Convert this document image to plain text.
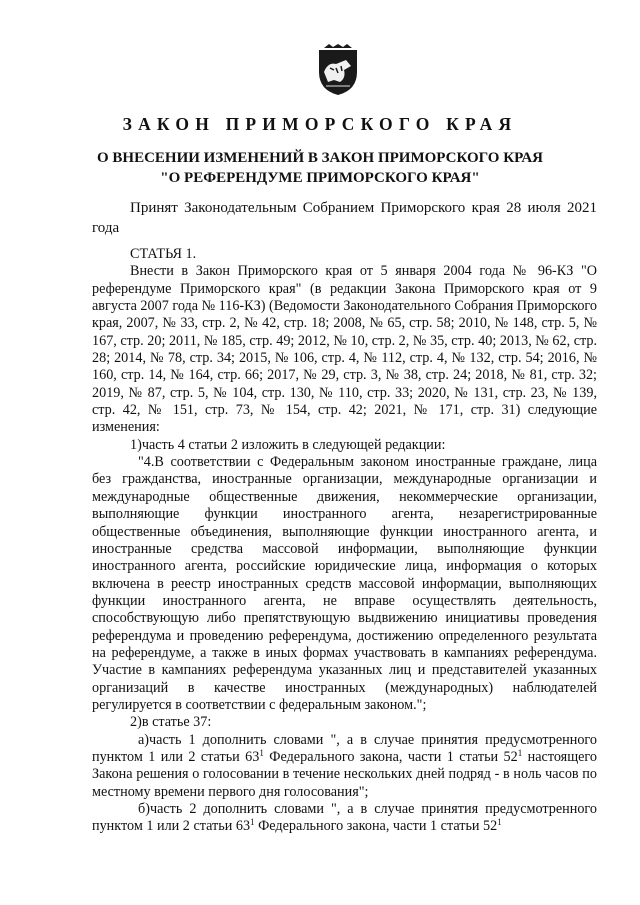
ЗАКОН ПРИМОРСКОГО КРАЯ
О ВНЕСЕНИИ ИЗМЕНЕНИЙ В ЗАКОН ПРИМОРСКОГО КРАЯ
"О РЕФЕРЕНДУМЕ ПРИМОРСКОГО КРАЯ"
Принят Законодательным Собранием Приморского края 28 июля 2021 года

СТАТЬЯ 1.

Внести в Закон Приморского края от 5 января 2004 года № 96-КЗ "О референдуме Приморского края" (в редакции Закона Приморского края от 9 августа 2007 года № 116-КЗ) (Ведомости Законодательного Собрания Приморского края, 2007, № 33, стр. 2, № 42, стр. 18; 2008, № 65, стр. 58; 2010, № 148, стр. 5, № 167, стр. 20; 2011, № 185, стр. 49; 2012, № 10, стр. 2, № 35, стр. 40; 2013, № 62, стр. 28; 2014, № 78, стр. 34; 2015, № 106, стр. 4, № 112, стр. 4, № 132, стр. 54; 2016, № 160, стр. 14, № 164, стр. 66; 2017, № 29, стр. 3, № 38, стр. 24; 2018, № 81, стр. 32; 2019, № 87, стр. 5, № 104, стр. 130, № 110, стр. 33; 2020, № 131, стр. 23, № 139, стр. 42, № 151, стр. 73, № 154, стр. 42; 2021, № 171, стр. 31) следующие изменения:

1)часть 4 статьи 2 изложить в следующей редакции:

"4.В соответствии с Федеральным законом иностранные граждане, лица без гражданства, иностранные организации, международные организации и международные общественные движения, некоммерческие организации, выполняющие функции иностранного агента, незарегистрированные общественные объединения, выполняющие функции иностранного агента, и иностранные средства массовой информации, выполняющие функции иностранного агента, российские юридические лица, информация о которых включена в реестр иностранных средств массовой информации, выполняющих функции иностранного агента, не вправе осуществлять деятельность, способствующую либо препятствующую выдвижению инициативы проведения референдума и проведению референдума, достижению определенного результата на референдуме, а также в иных формах участвовать в кампаниях референдума. Участие в кампаниях референдума указанных лиц и представителей указанных организаций в качестве иностранных (международных) наблюдателей регулируется в соответствии с федеральным законом.";

2)в статье 37:

а)часть 1 дополнить словами ", а в случае принятия предусмотренного пунктом 1 или 2 статьи $63^1$ Федерального закона, части 1 статьи $52^1$ настоящего Закона решения о голосовании в течение нескольких дней подряд - в ноль часов по местному времени первого дня голосования";

б)часть 2 дополнить словами ", а в случае принятия предусмотренного пунктом 1 или 2 статьи $63^1$ Федерального закона, части 1 статьи $52^1$
